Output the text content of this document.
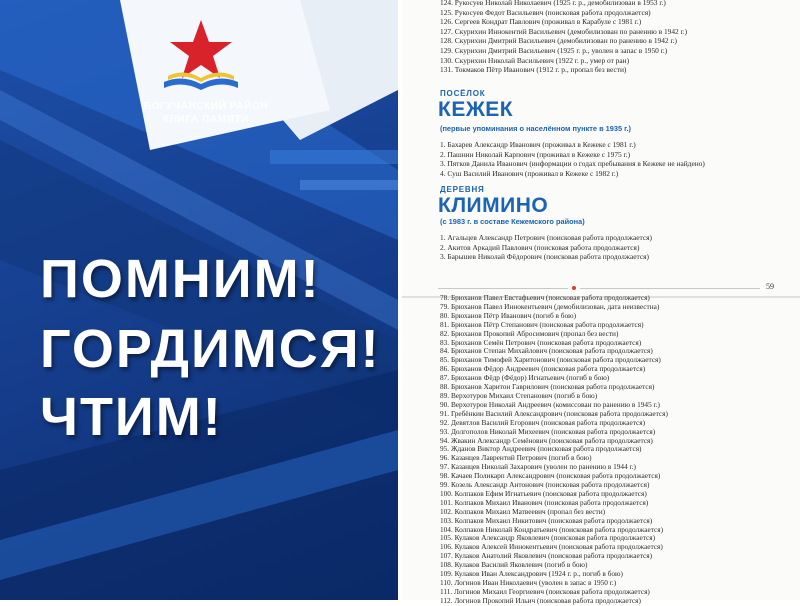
БОГУЧАНСКИЙ РАЙОН
КНИГА ПАМЯТИ
ПОМНИМ!
ГОРДИМСЯ!
ЧТИМ!
124. Рукосуев Николай Николаевич (1925 г. р., демобилизован в 1953 г.)
125. Рукосуев Федот Васильевич (поисковая работа продолжается)
126. Сергеев Кондрат Павлович (проживал в Карабуле с 1981 г.)
127. Скурихин Иннокентий Васильевич (демобилизован по ранению в 1942 г.)
128. Скурихин Дмитрий Васильевич (демобилизован по ранению в 1942 г.)
129. Скурихин Дмитрий Васильевич (1925 г. р., уволен в запас в 1950 г.)
130. Скурихин Николай Васильевич (1922 г. р., умер от ран)
131. Токмаков Пётр Иванович (1912 г. р., пропал без вести)
ПОСЁЛОК
КЕЖЕК
(первые упоминания о населённом пункте в 1935 г.)
1. Бахарев Александр Иванович (проживал в Кежеке с 1981 г.)
2. Пашнин Николай Карпович (проживал в Кежеке с 1975 г.)
3. Пятков Данила Иванович (информации о годах пребывания в Кежеке не найдено)
4. Суш Василий Иванович (проживал в Кежеке с 1982 г.)
ДЕРЕВНЯ
КЛИМИНО
(с 1983 г. в составе Кежемского района)
1. Агальцев Александр Петрович (поисковая работа продолжается)
2. Акитов Аркадий Павлович (поисковая работа продолжается)
3. Барышев Николай Фёдорович (поисковая работа продолжается)
59
78. Брюханов Павел Евстафьевич (поисковая работа продолжается)
79. Брюханов Павел Иннокентьевич (демобилизован, дата неизвестна)
80. Брюханов Пётр Иванович (погиб в бою)
81. Брюханов Пётр Степанович (поисковая работа продолжается)
82. Брюханов Прокопий Абросимович (пропал без вести)
83. Брюханов Семён Петрович (поисковая работа продолжается)
84. Брюханов Степан Михайлович (поисковая работа продолжается)
85. Брюханов Тимофей Харитонович (поисковая работа продолжается)
86. Брюханов Фёдор Андреевич (поисковая работа продолжается)
87. Брюханов Фёдр (Фёдор) Игнатьевич (погиб в бою)
88. Брюханов Харитон Гаврилович (поисковая работа продолжается)
89. Верхотуров Михаил Степанович (погиб в бою)
90. Верхотуров Николай Андреевич (комиссован по ранению в 1945 г.)
91. Гребёнкин Василий Александрович (поисковая работа продолжается)
92. Девятлов Василий Егорович (поисковая работа продолжается)
93. Долгополов Николай Михеевич (поисковая работа продолжается)
94. Жвакин Александр Семёнович (поисковая работа продолжается)
95. Жданов Виктор Андреевич (поисковая работа продолжается)
96. Казанцев Лаврентий Петрович (погиб в бою)
97. Казанцев Николай Захарович (уволен по ранению в 1944 г.)
98. Качаев Поликарп Александрович (поисковая работа продолжается)
99. Козель Александр Антонович (поисковая работа продолжается)
100. Колпаков Ефим Игнатьевич (поисковая работа продолжается)
101. Колпаков Михаил Иванович (поисковая работа продолжается)
102. Колпаков Михаил Матвеевич (пропал без вести)
103. Колпаков Михаил Никитович (поисковая работа продолжается)
104. Колпаков Николай Кондратьевич (поисковая работа продолжается)
105. Кулаков Александр Яковлевич (поисковая работа продолжается)
106. Кулаков Алексей Иннокентьевич (поисковая работа продолжается)
107. Кулаков Анатолий Яковлевич (поисковая работа продолжается)
108. Кулаков Василий Яковлевич (погиб в бою)
109. Кулаков Иван Александрович (1924 г. р., погиб в бою)
110. Логинов Иван Николаевич (уволен в запас в 1950 г.)
111. Логинов Михаил Георгиевич (поисковая работа продолжается)
112. Логинов Прокопий Ильич (поисковая работа продолжается)
